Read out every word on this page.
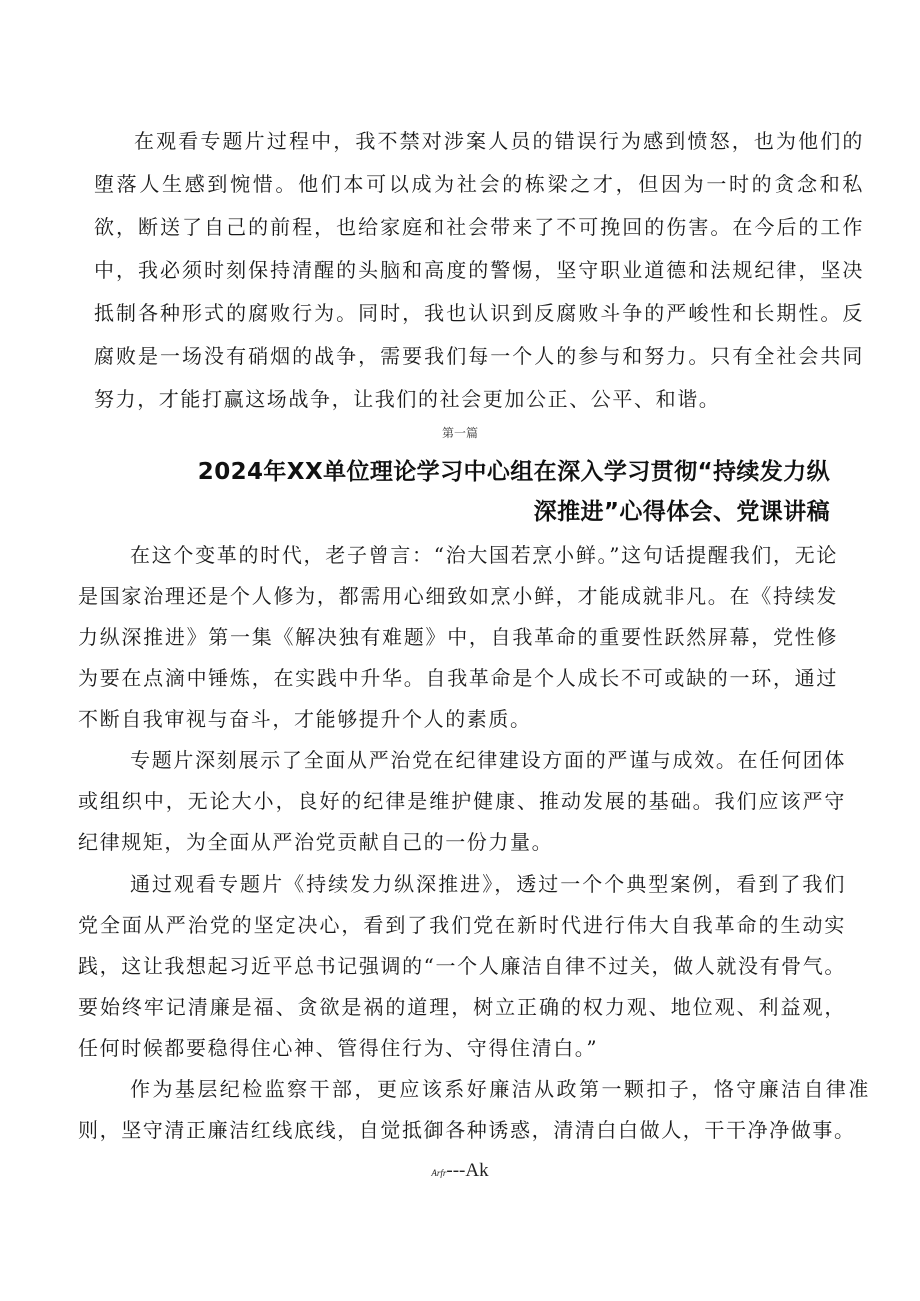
在观看专题片过程中，我不禁对涉案人员的错误行为感到愤怒，也为他们的堕落人生感到惋惜。他们本可以成为社会的栋梁之才，但因为一时的贪念和私欲，断送了自己的前程，也给家庭和社会带来了不可挽回的伤害。在今后的工作中，我必须时刻保持清醒的头脑和高度的警惕，坚守职业道德和法规纪律，坚决抵制各种形式的腐败行为。同时，我也认识到反腐败斗争的严峻性和长期性。反腐败是一场没有硝烟的战争，需要我们每一个人的参与和努力。只有全社会共同努力，才能打赢这场战争，让我们的社会更加公正、公平、和谐。

第一篇
2024年XX单位理论学习中心组在深入学习贯彻“持续发力纵
深推进”心得体会、党课讲稿

在这个变革的时代，老子曾言：“治大国若烹小鲜。”这句话提醒我们，无论是国家治理还是个人修为，都需用心细致如烹小鲜，才能成就非凡。在《持续发力纵深推进》第一集《解决独有难题》中，自我革命的重要性跃然屏幕，党性修为要在点滴中锤炼，在实践中升华。自我革命是个人成长不可或缺的一环，通过不断自我审视与奋斗，才能够提升个人的素质。

专题片深刻展示了全面从严治党在纪律建设方面的严谨与成效。在任何团体或组织中，无论大小，良好的纪律是维护健康、推动发展的基础。我们应该严守纪律规矩，为全面从严治党贡献自己的一份力量。

通过观看专题片《持续发力纵深推进》，透过一个个典型案例，看到了我们党全面从严治党的坚定决心，看到了我们党在新时代进行伟大自我革命的生动实践，这让我想起习近平总书记强调的“一个人廉洁自律不过关，做人就没有骨气。要始终牢记清廉是福、贪欲是祸的道理，树立正确的权力观、地位观、利益观，任何时候都要稳得住心神、管得住行为、守得住清白。”

作为基层纪检监察干部，更应该系好廉洁从政第一颗扣子，恪守廉洁自律准则，坚守清正廉洁红线底线，自觉抵御各种诱惑，清清白白做人，干干净净做事。

Arfr---Ak
